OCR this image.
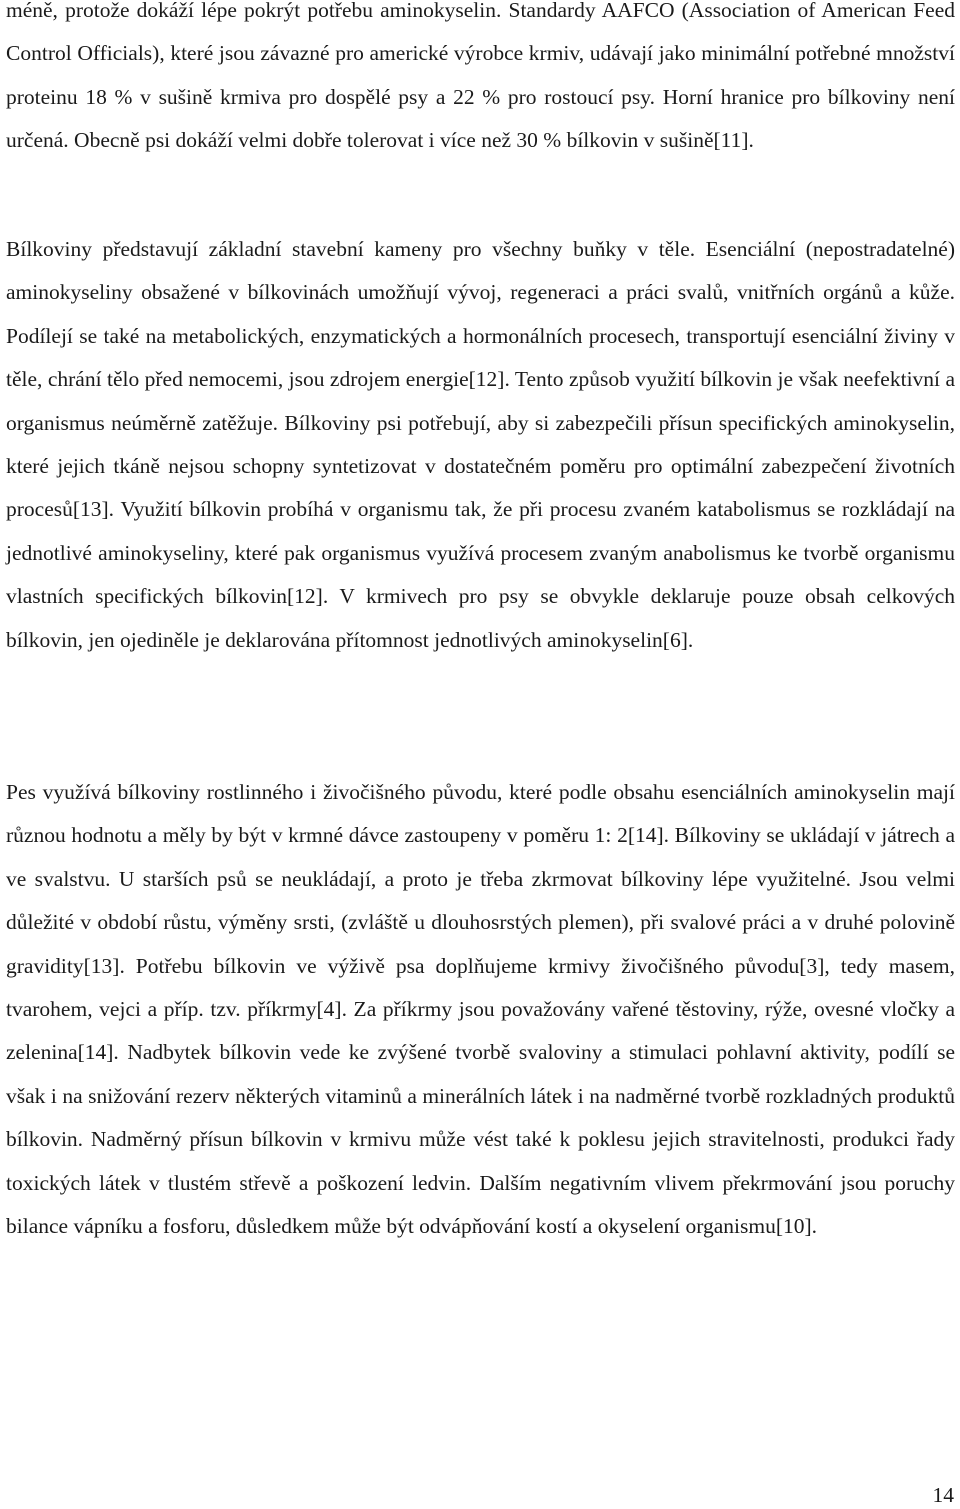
méně, protože dokáží lépe pokrýt potřebu aminokyselin. Standardy AAFCO (Association of American Feed Control Officials), které jsou závazné pro americké výrobce krmiv, udávají jako minimální potřebné množství proteinu 18 % v sušině krmiva pro dospělé psy a 22 % pro rostoucí psy. Horní hranice pro bílkoviny není určená. Obecně psi dokáží velmi dobře tolerovat i více než 30 % bílkovin v sušině[11].

Bílkoviny představují základní stavební kameny pro všechny buňky v těle. Esenciální (nepostradatelné) aminokyseliny obsažené v bílkovinách umožňují vývoj, regeneraci a práci svalů, vnitřních orgánů a kůže. Podílejí se také na metabolických, enzymatických a hormonálních procesech, transportují esenciální živiny v těle, chrání tělo před nemocemi, jsou zdrojem energie[12]. Tento způsob využití bílkovin je však neefektivní a organismus neúměrně zatěžuje. Bílkoviny psi potřebují, aby si zabezpečili přísun specifických aminokyselin, které jejich tkáně nejsou schopny syntetizovat v dostatečném poměru pro optimální zabezpečení životních procesů[13]. Využití bílkovin probíhá v organismu tak, že při procesu zvaném katabolismus se rozkládají na jednotlivé aminokyseliny, které pak organismus využívá procesem zvaným anabolismus ke tvorbě organismu vlastních specifických bílkovin[12]. V krmivech pro psy se obvykle deklaruje pouze obsah celkových bílkovin, jen ojediněle je deklarována přítomnost jednotlivých aminokyselin[6].

Pes využívá bílkoviny rostlinného i živočišného původu, které podle obsahu esenciálních aminokyselin mají různou hodnotu a měly by být v krmné dávce zastoupeny v poměru 1: 2[14]. Bílkoviny se ukládají v játrech a ve svalstvu. U starších psů se neukládají, a proto je třeba zkrmovat bílkoviny lépe využitelné. Jsou velmi důležité v období růstu, výměny srsti, (zvláště u dlouhosrstých plemen), při svalové práci a v druhé polovině gravidity[13]. Potřebu bílkovin ve výživě psa doplňujeme krmivy živočišného původu[3], tedy masem, tvarohem, vejci a příp. tzv. příkrmy[4]. Za příkrmy jsou považovány vařené těstoviny, rýže, ovesné vločky a zelenina[14]. Nadbytek bílkovin vede ke zvýšené tvorbě svaloviny a stimulaci pohlavní aktivity, podílí se však i na snižování rezerv některých vitaminů a minerálních látek i na nadměrné tvorbě rozkladných produktů bílkovin. Nadměrný přísun bílkovin v krmivu může vést také k poklesu jejich stravitelnosti, produkci řady toxických látek v tlustém střevě a poškození ledvin. Dalším negativním vlivem překrmování jsou poruchy bilance vápníku a fosforu, důsledkem může být odvápňování kostí a okyselení organismu[10].

14
